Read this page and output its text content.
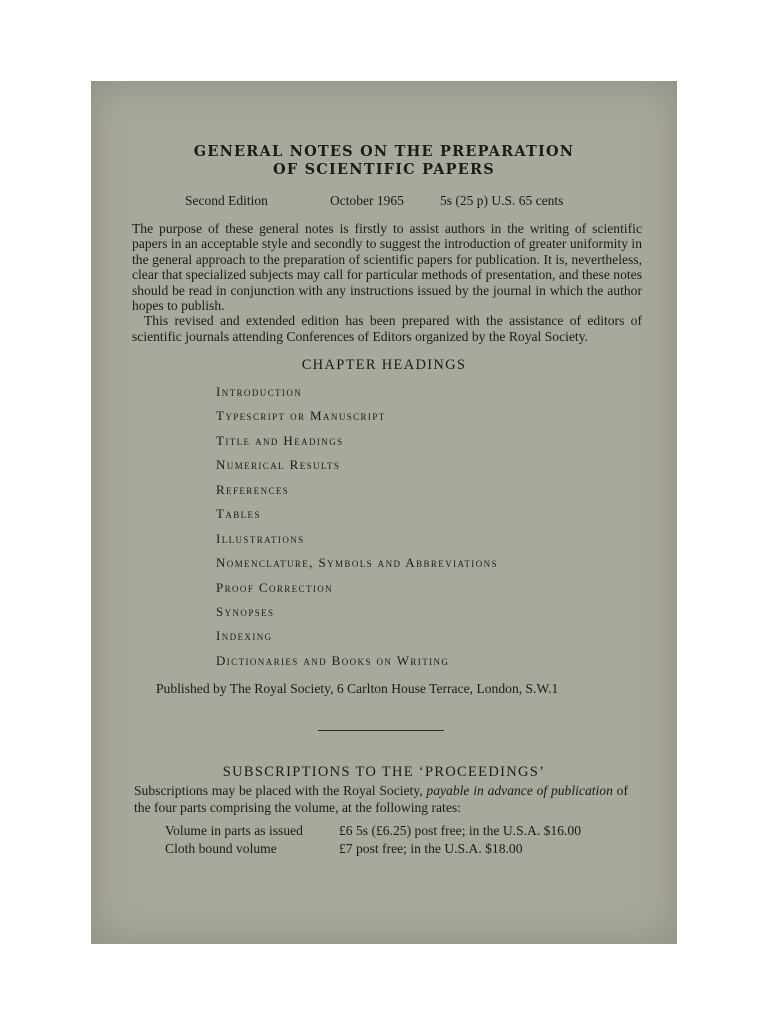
GENERAL NOTES ON THE PREPARATION
OF SCIENTIFIC PAPERS
Second Edition	October 1965	5s (25 p) U.S. 65 cents

The purpose of these general notes is firstly to assist authors in the writing of scientific papers in an acceptable style and secondly to suggest the introduction of greater uniformity in the general approach to the preparation of scientific papers for publication. It is, nevertheless, clear that specialized subjects may call for particular methods of presentation, and these notes should be read in conjunction with any instructions issued by the journal in which the author hopes to publish.

This revised and extended edition has been prepared with the assistance of editors of scientific journals attending Conferences of Editors organized by the Royal Society.

CHAPTER HEADINGS
Introduction
Typescript or Manuscript
Title and Headings
Numerical Results
References
Tables
Illustrations
Nomenclature, Symbols and Abbreviations
Proof Correction
Synopses
Indexing
Dictionaries and Books on Writing
Published by The Royal Society, 6 Carlton House Terrace, London, S.W.1
SUBSCRIPTIONS TO THE ‘PROCEEDINGS’
Subscriptions may be placed with the Royal Society, payable in advance of publication of the four parts comprising the volume, at the following rates:
Volume in parts as issued	£6 5s (£6.25) post free; in the U.S.A. $16.00
Cloth bound volume	£7 post free; in the U.S.A. $18.00
